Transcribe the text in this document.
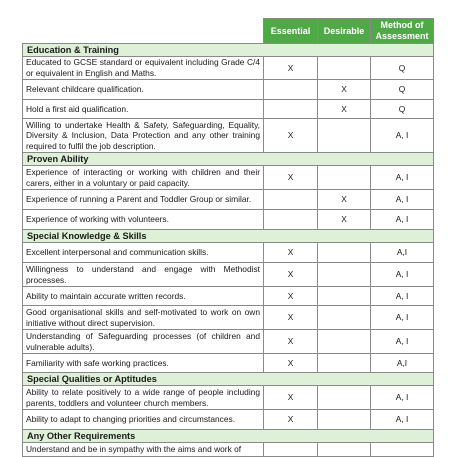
	Essential	Desirable	Method of Assessment
Education & Training			
Educated to GCSE standard or equivalent including Grade C/4 or equivalent in English and Maths.	X		Q
Relevant childcare qualification.		X	Q
Hold a first aid qualification.		X	Q
Willing to undertake Health & Safety, Safeguarding, Equality, Diversity & Inclusion, Data Protection and any other training required to fulfil the job description.	X		A, I
Proven Ability			
Experience of interacting or working with children and their carers, either in a voluntary or paid capacity.	X		A, I
Experience of running a Parent and Toddler Group or similar.		X	A, I
Experience of working with volunteers.		X	A, I
Special Knowledge & Skills			
Excellent interpersonal and communication skills.	X		A,I
Willingness to understand and engage with Methodist processes.	X		A, I
Ability to maintain accurate written records.	X		A, I
Good organisational skills and self-motivated to work on own initiative without direct supervision.	X		A, I
Understanding of Safeguarding processes (of children and vulnerable adults).	X		A, I
Familiarity with safe working practices.	X		A,I
Special Qualities or Aptitudes			
Ability to relate positively to a wide range of people including parents, toddlers and volunteer church members.	X		A, I
Ability to adapt to changing priorities and circumstances.	X		A, I
Any Other Requirements			
Understand and be in sympathy with the aims and work of			
